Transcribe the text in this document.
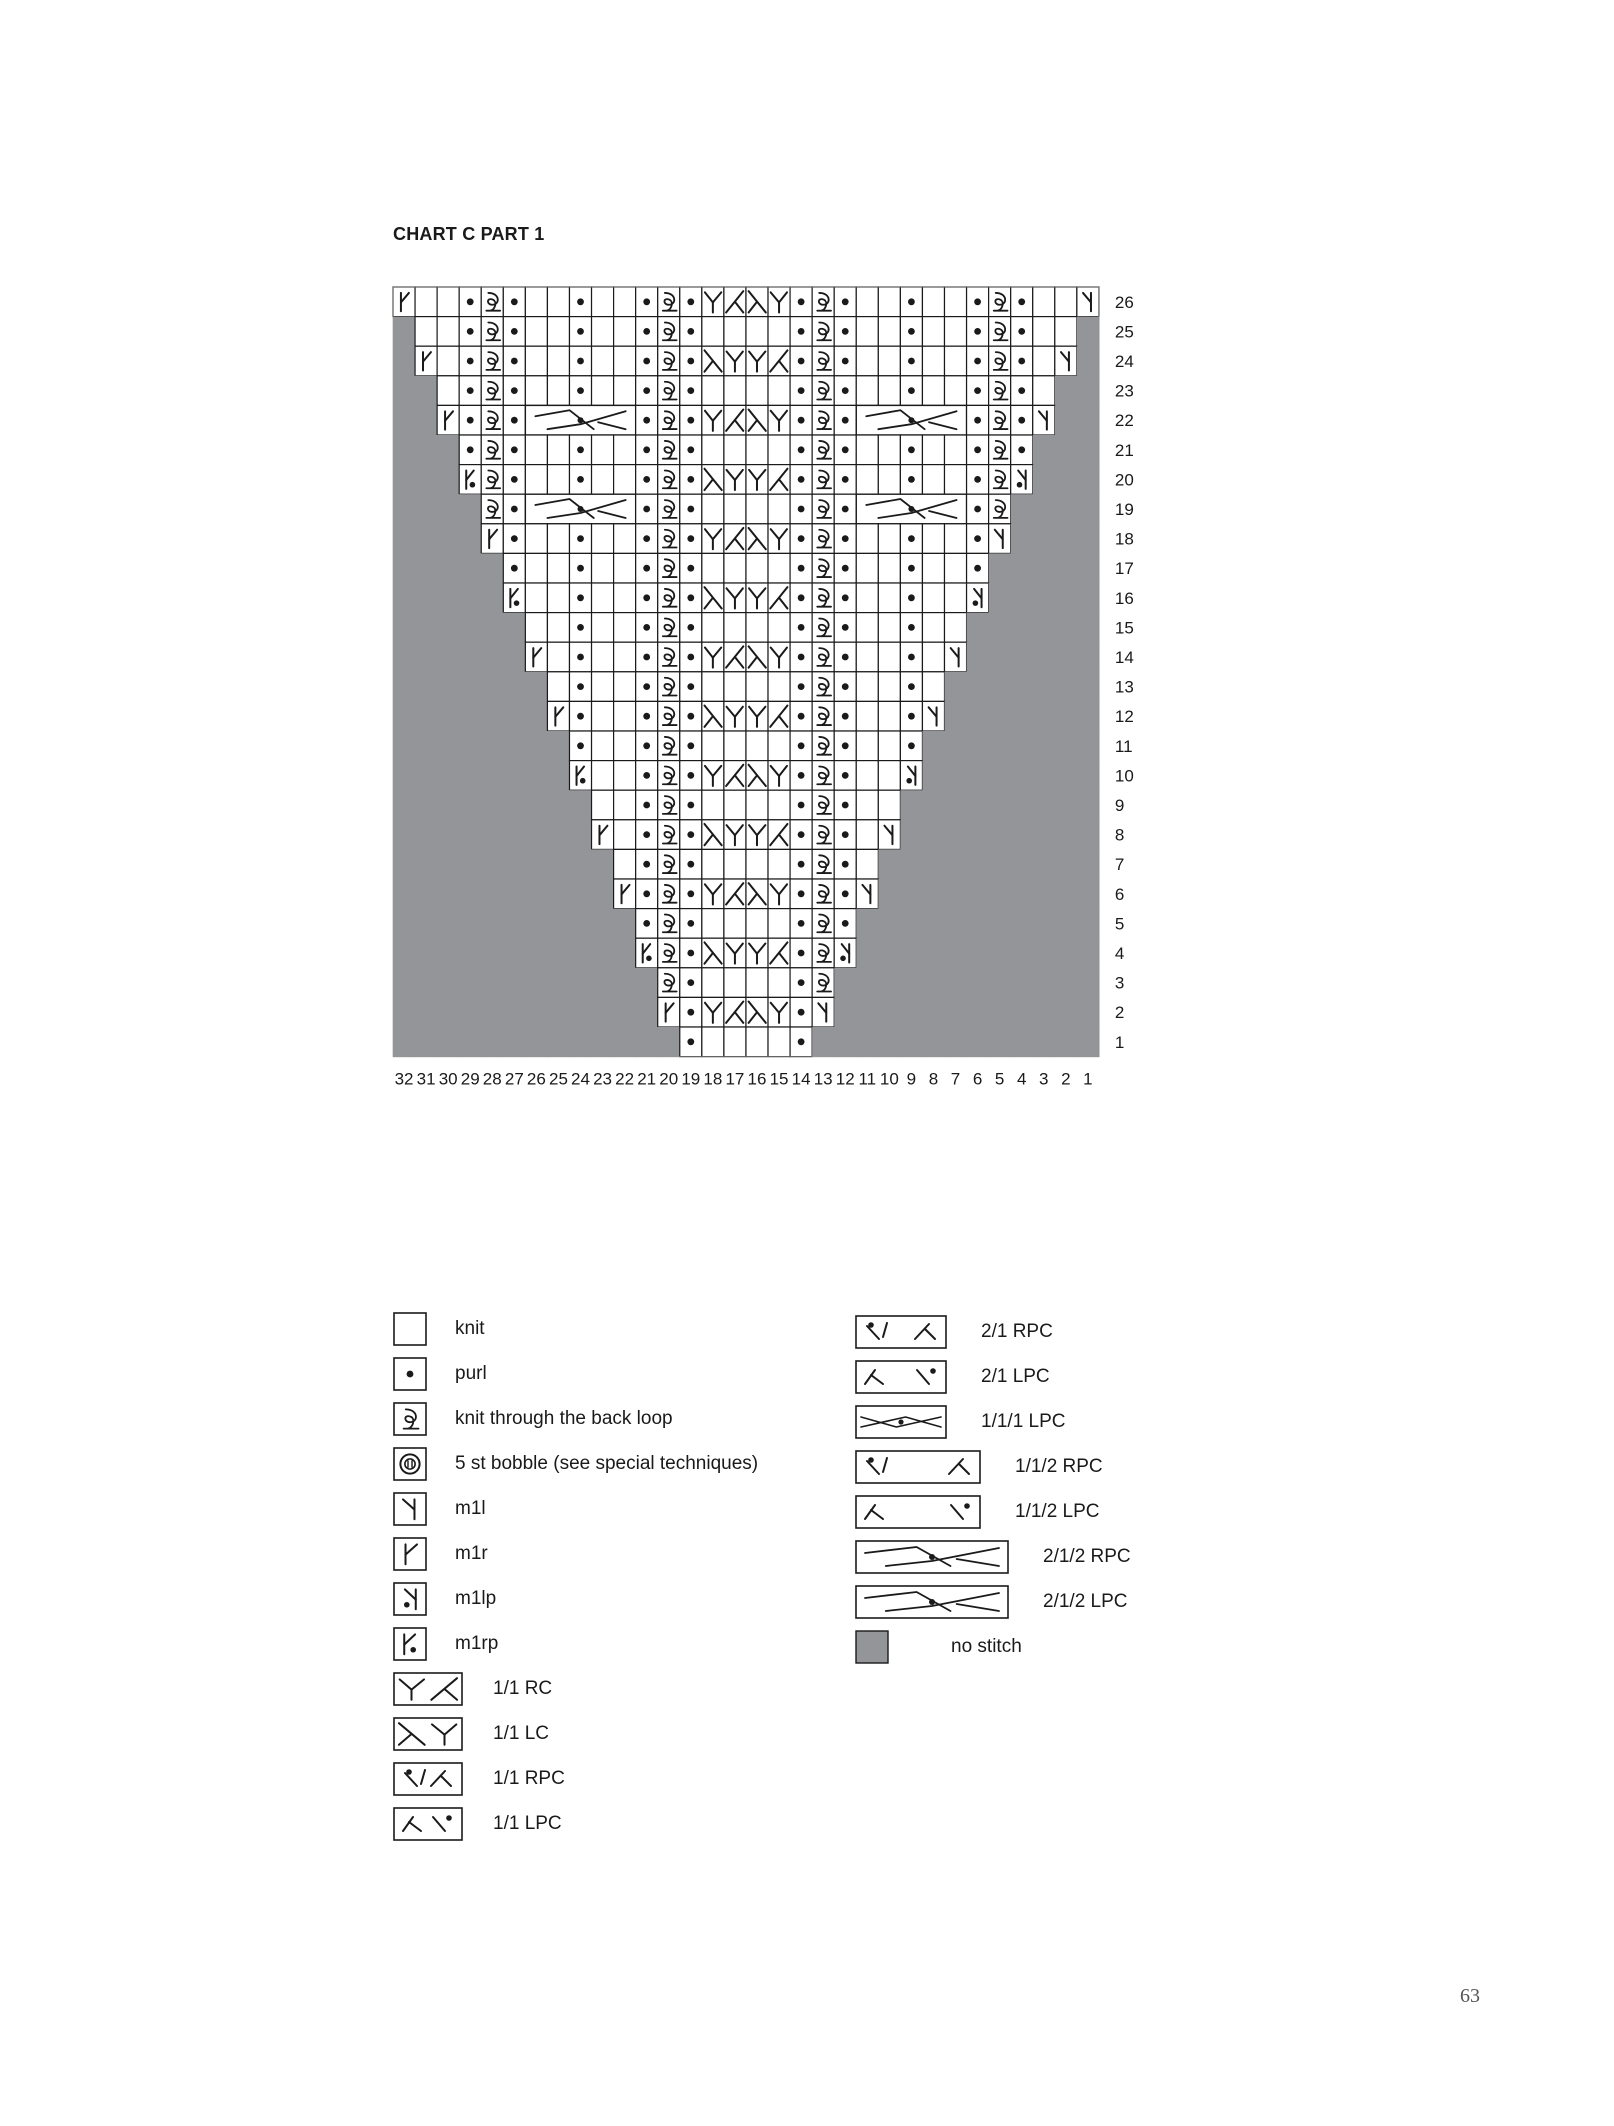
CHART C PART 1
26
25
24
23
22
21
20
19
18
17
16
15
14
13
12
11
10
9
8
7
6
5
4
3
2
1
32 31 30 29 28 27 26 25 24 23 22 21 20 19 18 17 16 15 14 13 12 11 10 9 8 7 6 5 4 3 2 1
knit
purl
knit through the back loop
5 st bobble (see special techniques)
m1l
m1r
m1lp
m1rp
1/1 RC
1/1 LC
1/1 RPC
1/1 LPC
2/1 RPC
2/1 LPC
1/1/1 LPC
1/1/2 RPC
1/1/2 LPC
2/1/2 RPC
2/1/2 LPC
no stitch
63
